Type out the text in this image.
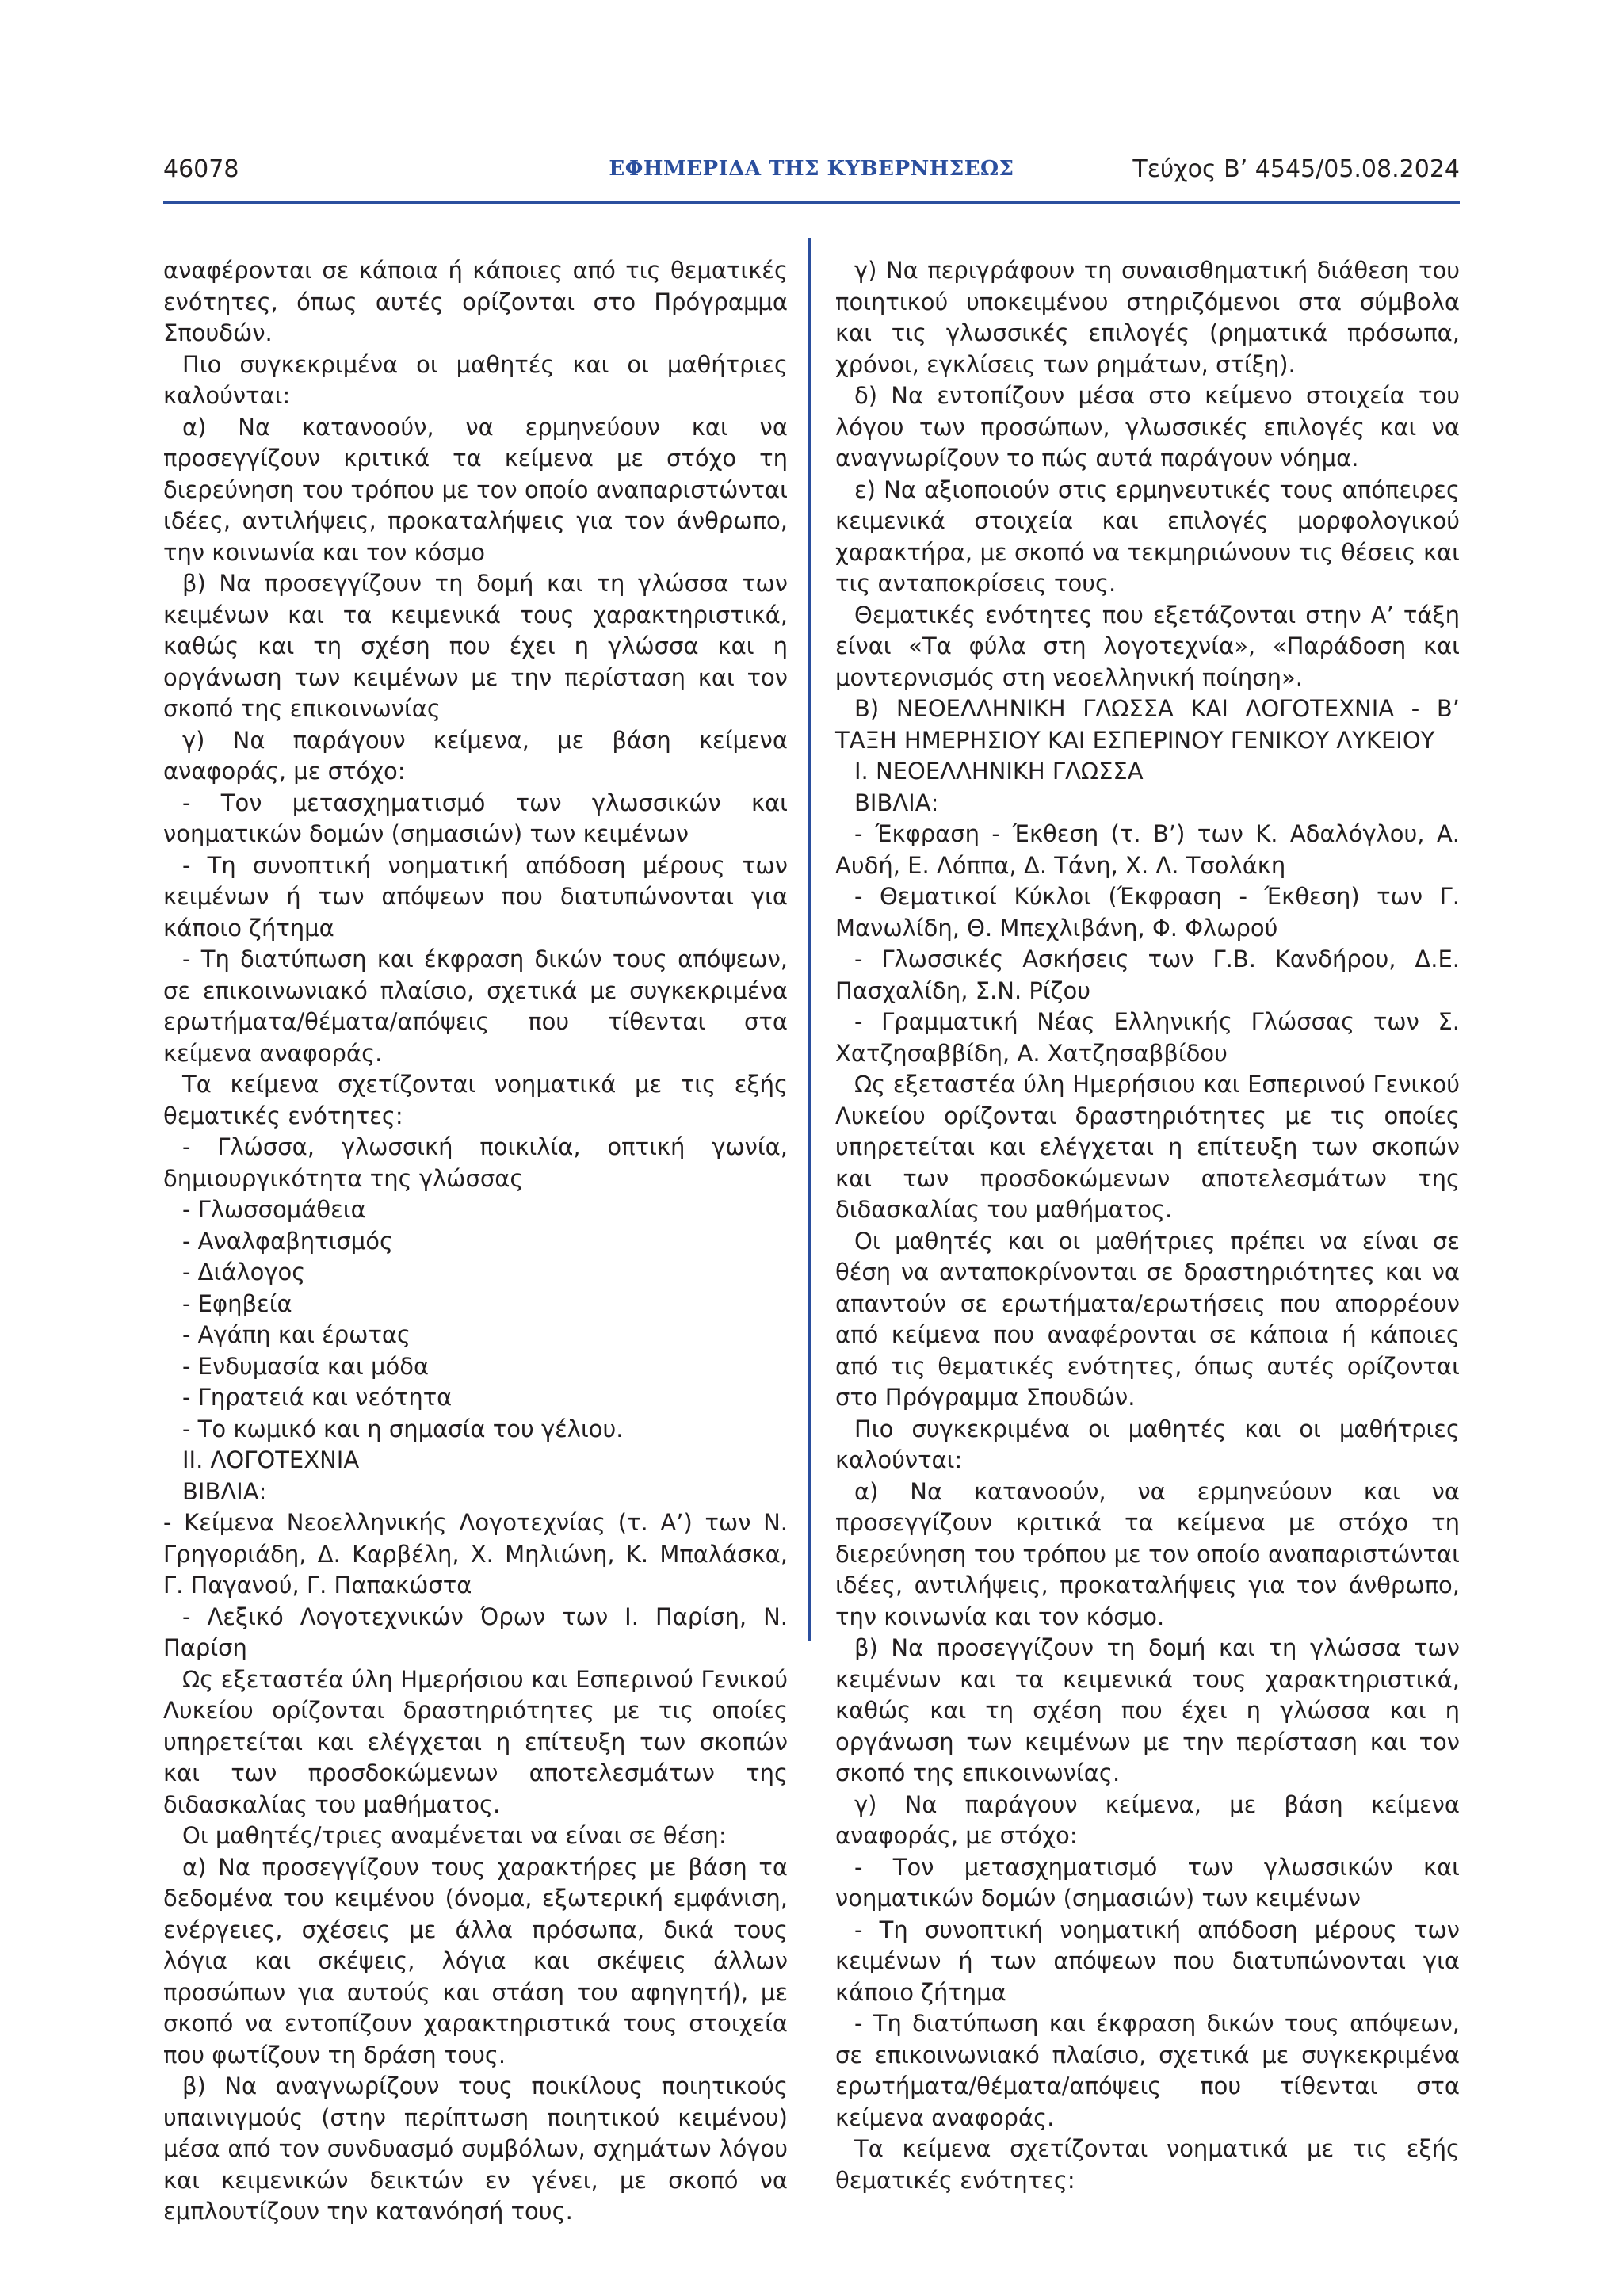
46078	ΕΦΗΜΕΡΙΔΑ ΤΗΣ ΚΥΒΕΡΝΗΣΕΩΣ	Τεύχος Β’ 4545/05.08.2024

αναφέρονται σε κάποια ή κάποιες από τις θεματικές ενότητες, όπως αυτές ορίζονται στο Πρόγραμμα Σπουδών.

Πιο συγκεκριμένα οι μαθητές και οι μαθήτριες καλούνται:

α) Να κατανοούν, να ερμηνεύουν και να προσεγγίζουν κριτικά τα κείμενα με στόχο τη διερεύνηση του τρόπου με τον οποίο αναπαριστώνται ιδέες, αντιλήψεις, προκαταλήψεις για τον άνθρωπο, την κοινωνία και τον κόσμο

β) Να προσεγγίζουν τη δομή και τη γλώσσα των κειμένων και τα κειμενικά τους χαρακτηριστικά, καθώς και τη σχέση που έχει η γλώσσα και η οργάνωση των κειμένων με την περίσταση και τον σκοπό της επικοινωνίας

γ) Να παράγουν κείμενα, με βάση κείμενα αναφοράς, με στόχο:

- Τον μετασχηματισμό των γλωσσικών και νοηματικών δομών (σημασιών) των κειμένων

- Τη συνοπτική νοηματική απόδοση μέρους των κειμένων ή των απόψεων που διατυπώνονται για κάποιο ζήτημα

- Τη διατύπωση και έκφραση δικών τους απόψεων, σε επικοινωνιακό πλαίσιο, σχετικά με συγκεκριμένα ερωτήματα/θέματα/απόψεις που τίθενται στα κείμενα αναφοράς.

Τα κείμενα σχετίζονται νοηματικά με τις εξής θεματικές ενότητες:

- Γλώσσα, γλωσσική ποικιλία, οπτική γωνία, δημιουργικότητα της γλώσσας

- Γλωσσομάθεια

- Αναλφαβητισμός

- Διάλογος

- Εφηβεία

- Αγάπη και έρωτας

- Ενδυμασία και μόδα

- Γηρατειά και νεότητα

- Το κωμικό και η σημασία του γέλιου.

ΙΙ. ΛΟΓΟΤΕΧΝΙΑ

ΒΙΒΛΙΑ:

- Κείμενα Νεοελληνικής Λογοτεχνίας (τ. Α’) των Ν. Γρηγοριάδη, Δ. Καρβέλη, Χ. Μηλιώνη, Κ. Μπαλάσκα, Γ. Παγανού, Γ. Παπακώστα

- Λεξικό Λογοτεχνικών Όρων των Ι. Παρίση, Ν. Παρίση

Ως εξεταστέα ύλη Ημερήσιου και Εσπερινού Γενικού Λυκείου ορίζονται δραστηριότητες με τις οποίες υπηρετείται και ελέγχεται η επίτευξη των σκοπών και των προσδοκώμενων αποτελεσμάτων της διδασκαλίας του μαθήματος.

Οι μαθητές/τριες αναμένεται να είναι σε θέση:

α) Να προσεγγίζουν τους χαρακτήρες με βάση τα δεδομένα του κειμένου (όνομα, εξωτερική εμφάνιση, ενέργειες, σχέσεις με άλλα πρόσωπα, δικά τους λόγια και σκέψεις, λόγια και σκέψεις άλλων προσώπων για αυτούς και στάση του αφηγητή), με σκοπό να εντοπίζουν χαρακτηριστικά τους στοιχεία που φωτίζουν τη δράση τους.

β) Να αναγνωρίζουν τους ποικίλους ποιητικούς υπαινιγμούς (στην περίπτωση ποιητικού κειμένου) μέσα από τον συνδυασμό συμβόλων, σχημάτων λόγου και κειμενικών δεικτών εν γένει, με σκοπό να εμπλουτίζουν την κατανόησή τους.

γ) Να περιγράφουν τη συναισθηματική διάθεση του ποιητικού υποκειμένου στηριζόμενοι στα σύμβολα και τις γλωσσικές επιλογές (ρηματικά πρόσωπα, χρόνοι, εγκλίσεις των ρημάτων, στίξη).

δ) Να εντοπίζουν μέσα στο κείμενο στοιχεία του λόγου των προσώπων, γλωσσικές επιλογές και να αναγνωρίζουν το πώς αυτά παράγουν νόημα.

ε) Να αξιοποιούν στις ερμηνευτικές τους απόπειρες κειμενικά στοιχεία και επιλογές μορφολογικού χαρακτήρα, με σκοπό να τεκμηριώνουν τις θέσεις και τις ανταποκρίσεις τους.

Θεματικές ενότητες που εξετάζονται στην Α’ τάξη είναι «Τα φύλα στη λογοτεχνία», «Παράδοση και μοντερνισμός στη νεοελληνική ποίηση».

Β) ΝΕΟΕΛΛΗΝΙΚΗ ΓΛΩΣΣΑ ΚΑΙ ΛΟΓΟΤΕΧΝΙΑ - Β’ ΤΑΞΗ ΗΜΕΡΗΣΙΟΥ ΚΑΙ ΕΣΠΕΡΙΝΟΥ ΓΕΝΙΚΟΥ ΛΥΚΕΙΟΥ

Ι. ΝΕΟΕΛΛΗΝΙΚΗ ΓΛΩΣΣΑ

ΒΙΒΛΙΑ:

- Έκφραση - Έκθεση (τ. Β’) των Κ. Αδαλόγλου, Α. Αυδή, Ε. Λόππα, Δ. Τάνη, Χ. Λ. Τσολάκη

- Θεματικοί Κύκλοι (Έκφραση - Έκθεση) των Γ. Μανωλίδη, Θ. Μπεχλιβάνη, Φ. Φλωρού

- Γλωσσικές Ασκήσεις των Γ.Β. Κανδήρου, Δ.Ε. Πασχαλίδη, Σ.Ν. Ρίζου

- Γραμματική Νέας Ελληνικής Γλώσσας των Σ. Χατζησαββίδη, Α. Χατζησαββίδου

Ως εξεταστέα ύλη Ημερήσιου και Εσπερινού Γενικού Λυκείου ορίζονται δραστηριότητες με τις οποίες υπηρετείται και ελέγχεται η επίτευξη των σκοπών και των προσδοκώμενων αποτελεσμάτων της διδασκαλίας του μαθήματος.

Οι μαθητές και οι μαθήτριες πρέπει να είναι σε θέση να ανταποκρίνονται σε δραστηριότητες και να απαντούν σε ερωτήματα/ερωτήσεις που απορρέουν από κείμενα που αναφέρονται σε κάποια ή κάποιες από τις θεματικές ενότητες, όπως αυτές ορίζονται στο Πρόγραμμα Σπουδών.

Πιο συγκεκριμένα οι μαθητές και οι μαθήτριες καλούνται:

α) Να κατανοούν, να ερμηνεύουν και να προσεγγίζουν κριτικά τα κείμενα με στόχο τη διερεύνηση του τρόπου με τον οποίο αναπαριστώνται ιδέες, αντιλήψεις, προκαταλήψεις για τον άνθρωπο, την κοινωνία και τον κόσμο.

β) Να προσεγγίζουν τη δομή και τη γλώσσα των κειμένων και τα κειμενικά τους χαρακτηριστικά, καθώς και τη σχέση που έχει η γλώσσα και η οργάνωση των κειμένων με την περίσταση και τον σκοπό της επικοινωνίας.

γ) Να παράγουν κείμενα, με βάση κείμενα αναφοράς, με στόχο:

- Τον μετασχηματισμό των γλωσσικών και νοηματικών δομών (σημασιών) των κειμένων

- Τη συνοπτική νοηματική απόδοση μέρους των κειμένων ή των απόψεων που διατυπώνονται για κάποιο ζήτημα

- Τη διατύπωση και έκφραση δικών τους απόψεων, σε επικοινωνιακό πλαίσιο, σχετικά με συγκεκριμένα ερωτήματα/θέματα/απόψεις που τίθενται στα κείμενα αναφοράς.

Τα κείμενα σχετίζονται νοηματικά με τις εξής θεματικές ενότητες:
